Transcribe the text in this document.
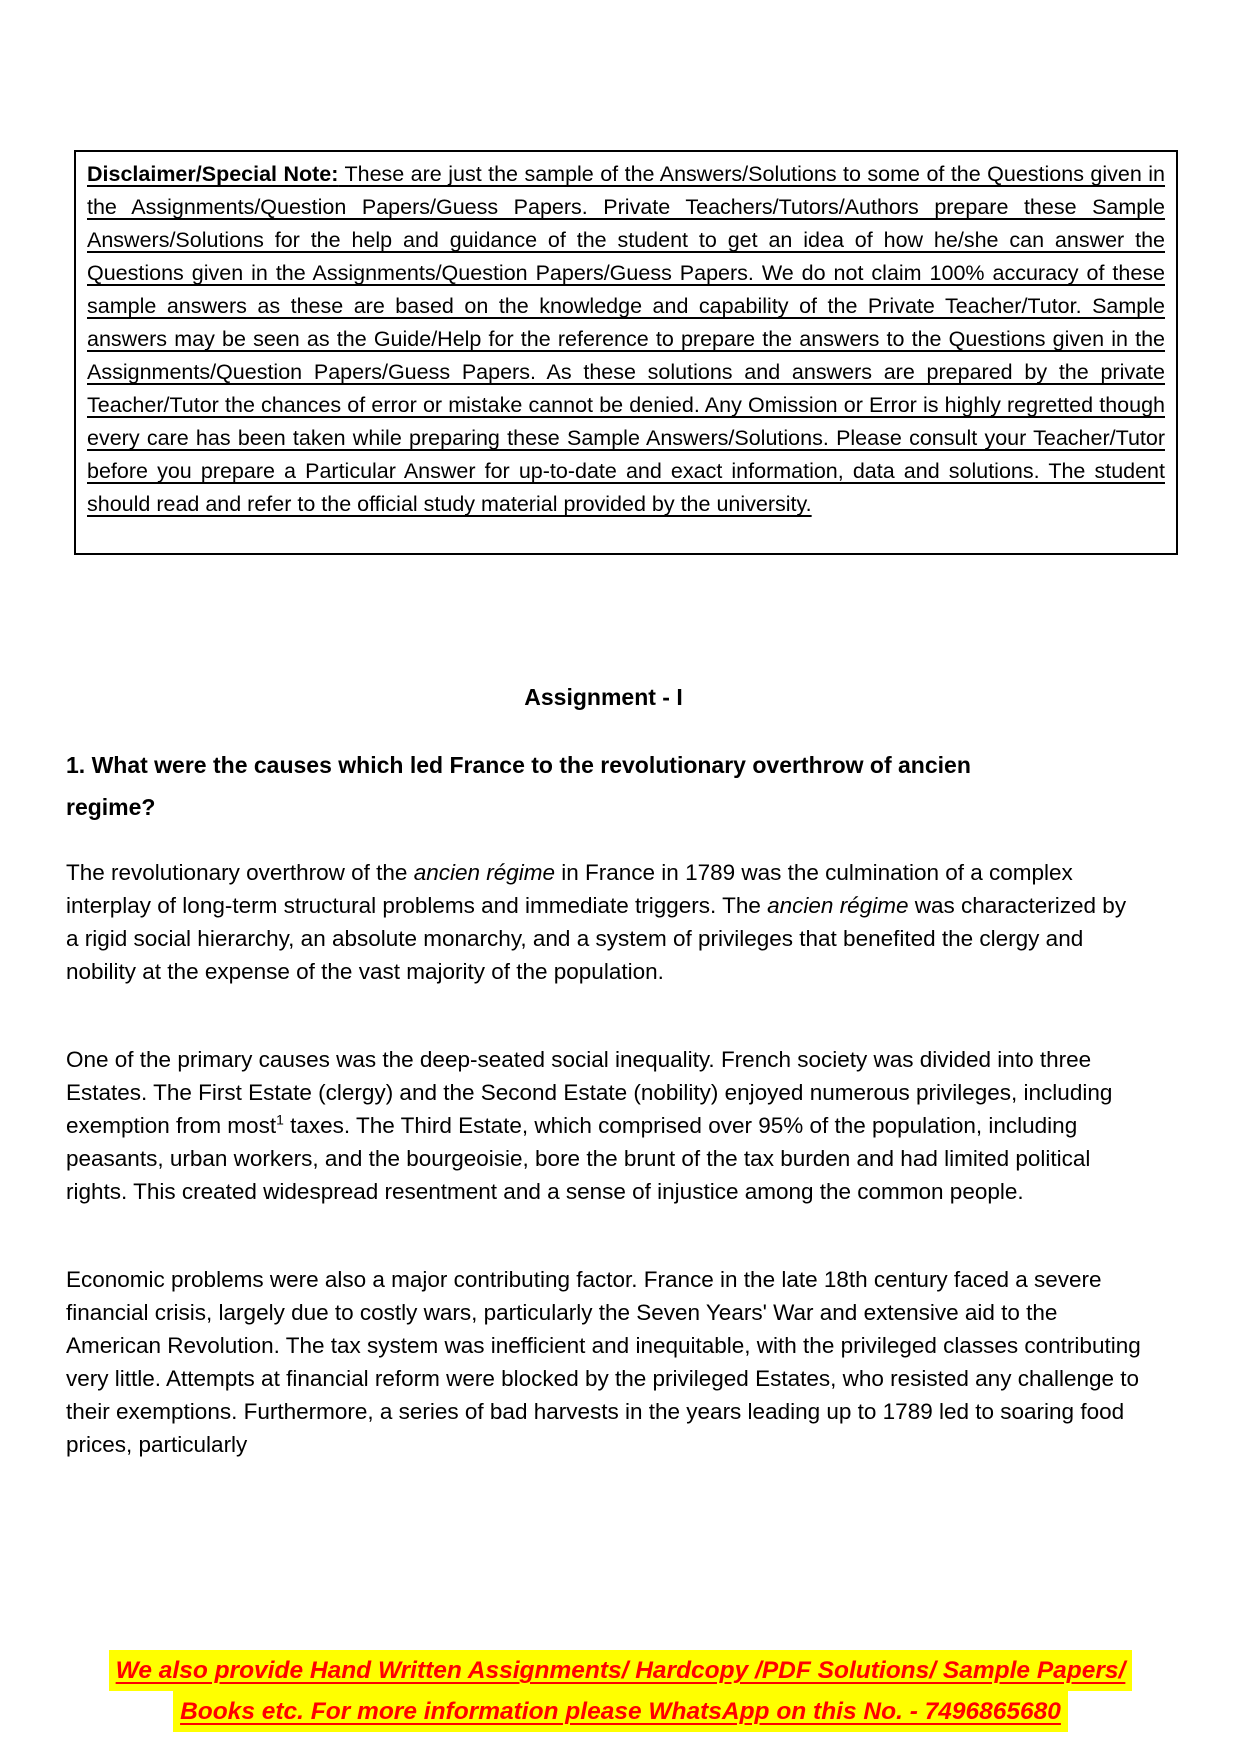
Disclaimer/Special Note: These are just the sample of the Answers/Solutions to some of the Questions given in the Assignments/Question Papers/Guess Papers. Private Teachers/Tutors/Authors prepare these Sample Answers/Solutions for the help and guidance of the student to get an idea of how he/she can answer the Questions given in the Assignments/Question Papers/Guess Papers. We do not claim 100% accuracy of these sample answers as these are based on the knowledge and capability of the Private Teacher/Tutor. Sample answers may be seen as the Guide/Help for the reference to prepare the answers to the Questions given in the Assignments/Question Papers/Guess Papers. As these solutions and answers are prepared by the private Teacher/Tutor the chances of error or mistake cannot be denied. Any Omission or Error is highly regretted though every care has been taken while preparing these Sample Answers/Solutions. Please consult your Teacher/Tutor before you prepare a Particular Answer for up-to-date and exact information, data and solutions. The student should read and refer to the official study material provided by the university.

Assignment - I
1. What were the causes which led France to the revolutionary overthrow of ancien regime?

The revolutionary overthrow of the ancien régime in France in 1789 was the culmination of a complex interplay of long-term structural problems and immediate triggers. The ancien régime was characterized by a rigid social hierarchy, an absolute monarchy, and a system of privileges that benefited the clergy and nobility at the expense of the vast majority of the population.

One of the primary causes was the deep-seated social inequality. French society was divided into three Estates. The First Estate (clergy) and the Second Estate (nobility) enjoyed numerous privileges, including exemption from most$^1$ taxes. The Third Estate, which comprised over 95% of the population, including peasants, urban workers, and the bourgeoisie, bore the brunt of the tax burden and had limited political rights. This created widespread resentment and a sense of injustice among the common people.

Economic problems were also a major contributing factor. France in the late 18th century faced a severe financial crisis, largely due to costly wars, particularly the Seven Years' War and extensive aid to the American Revolution. The tax system was inefficient and inequitable, with the privileged classes contributing very little. Attempts at financial reform were blocked by the privileged Estates, who resisted any challenge to their exemptions. Furthermore, a series of bad harvests in the years leading up to 1789 led to soaring food prices, particularly

We also provide Hand Written Assignments/ Hardcopy /PDF Solutions/ Sample Papers/
Books etc. For more information please WhatsApp on this No. - 7496865680
